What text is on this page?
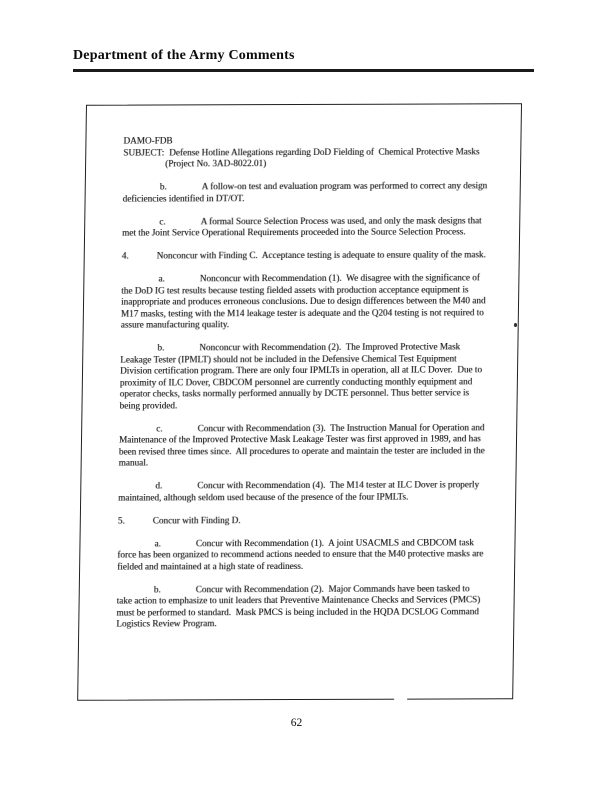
Department of the Army Comments
DAMO-FDB
SUBJECT: Defense Hotline Allegations regarding DoD Fielding of  Chemical Protective Masks
(Project No. 3AD-8022.01)

b.	A follow-on test and evaluation program was performed to correct any design deficiencies identified in DT/OT.

c.	A formal Source Selection Process was used, and only the mask designs that met the Joint Service Operational Requirements proceeded into the Source Selection Process.

4.	Nonconcur with Finding C.  Acceptance testing is adequate to ensure quality of the mask.

a.	Nonconcur with Recommendation (1).  We disagree with the significance of the DoD IG test results because testing fielded assets with production acceptance equipment is inappropriate and produces erroneous conclusions. Due to design differences between the M40 and M17 masks, testing with the M14 leakage tester is adequate and the Q204 testing is not required to assure manufacturing quality.

b.	Nonconcur with Recommendation (2).  The Improved Protective Mask Leakage Tester (IPMLT) should not be included in the Defensive Chemical Test Equipment Division certification program. There are only four IPMLTs in operation, all at ILC Dover.  Due to proximity of ILC Dover, CBDCOM personnel are currently conducting monthly equipment and operator checks, tasks normally performed annually by DCTE personnel. Thus better service is being provided.

c.	Concur with Recommendation (3).  The Instruction Manual for Operation and Maintenance of the Improved Protective Mask Leakage Tester was first approved in 1989, and has been revised three times since.  All procedures to operate and maintain the tester are included in the manual.

d.	Concur with Recommendation (4).  The M14 tester at ILC Dover is properly maintained, although seldom used because of the presence of the four IPMLTs.

5.	Concur with Finding D.

a.	Concur with Recommendation (1).  A joint USACMLS and CBDCOM task force has been organized to recommend actions needed to ensure that the M40 protective masks are fielded and maintained at a high state of readiness.

b.	Concur with Recommendation (2).  Major Commands have been tasked to take action to emphasize to unit leaders that Preventive Maintenance Checks and Services (PMCS) must be performed to standard.  Mask PMCS is being included in the HQDA DCSLOG Command Logistics Review Program.

62
